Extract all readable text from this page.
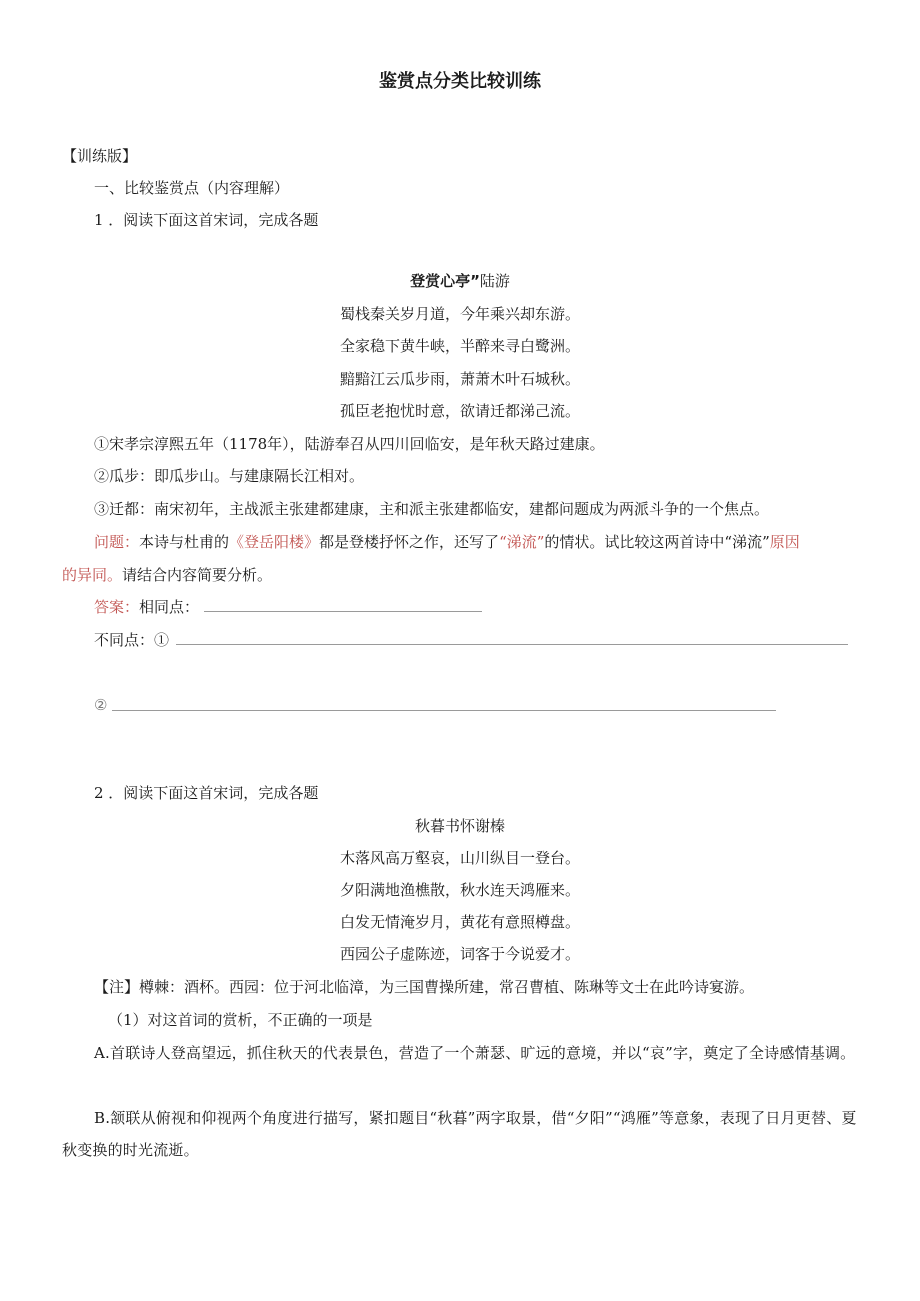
鉴赏点分类比较训练
【训练版】
一、比较鉴赏点（内容理解）
1 ．阅读下面这首宋词，完成各题
登赏心亭”陆游
蜀栈秦关岁月道，今年乘兴却东游。
全家稳下黄牛峡，半醉来寻白鹭洲。
黯黯江云瓜步雨，萧萧木叶石城秋。
孤臣老抱忧时意，欲请迁都涕己流。
①宋孝宗淳熙五年（1178年），陆游奉召从四川回临安，是年秋天路过建康。
②瓜步：即瓜步山。与建康隔长江相对。
③迁都：南宋初年，主战派主张建都建康，主和派主张建都临安，建都问题成为两派斗争的一个焦点。
问题：本诗与杜甫的《登岳阳楼》都是登楼抒怀之作，还写了“涕流”的情状。试比较这两首诗中“涕流”原因
的异同。请结合内容简要分析。
答案：相同点：
不同点：①
②
2 ．阅读下面这首宋词，完成各题
秋暮书怀谢榛
木落风高万壑哀，山川纵目一登台。
夕阳满地渔樵散，秋水连天鸿雁来。
白发无情淹岁月，黄花有意照樽盘。
西园公子虚陈迹，词客于今说爱才。
【注】樽棘：酒杯。西园：位于河北临漳，为三国曹操所建，常召曹植、陈琳等文士在此吟诗宴游。
（1）对这首词的赏析，不正确的一项是
A.首联诗人登高望远，抓住秋天的代表景色，营造了一个萧瑟、旷远的意境，并以“哀”字，奠定了全诗感情基调。
B.颔联从俯视和仰视两个角度进行描写，紧扣题目“秋暮”两字取景，借“夕阳”“鸿雁”等意象，表现了日月更替、夏秋变换的时光流逝。
